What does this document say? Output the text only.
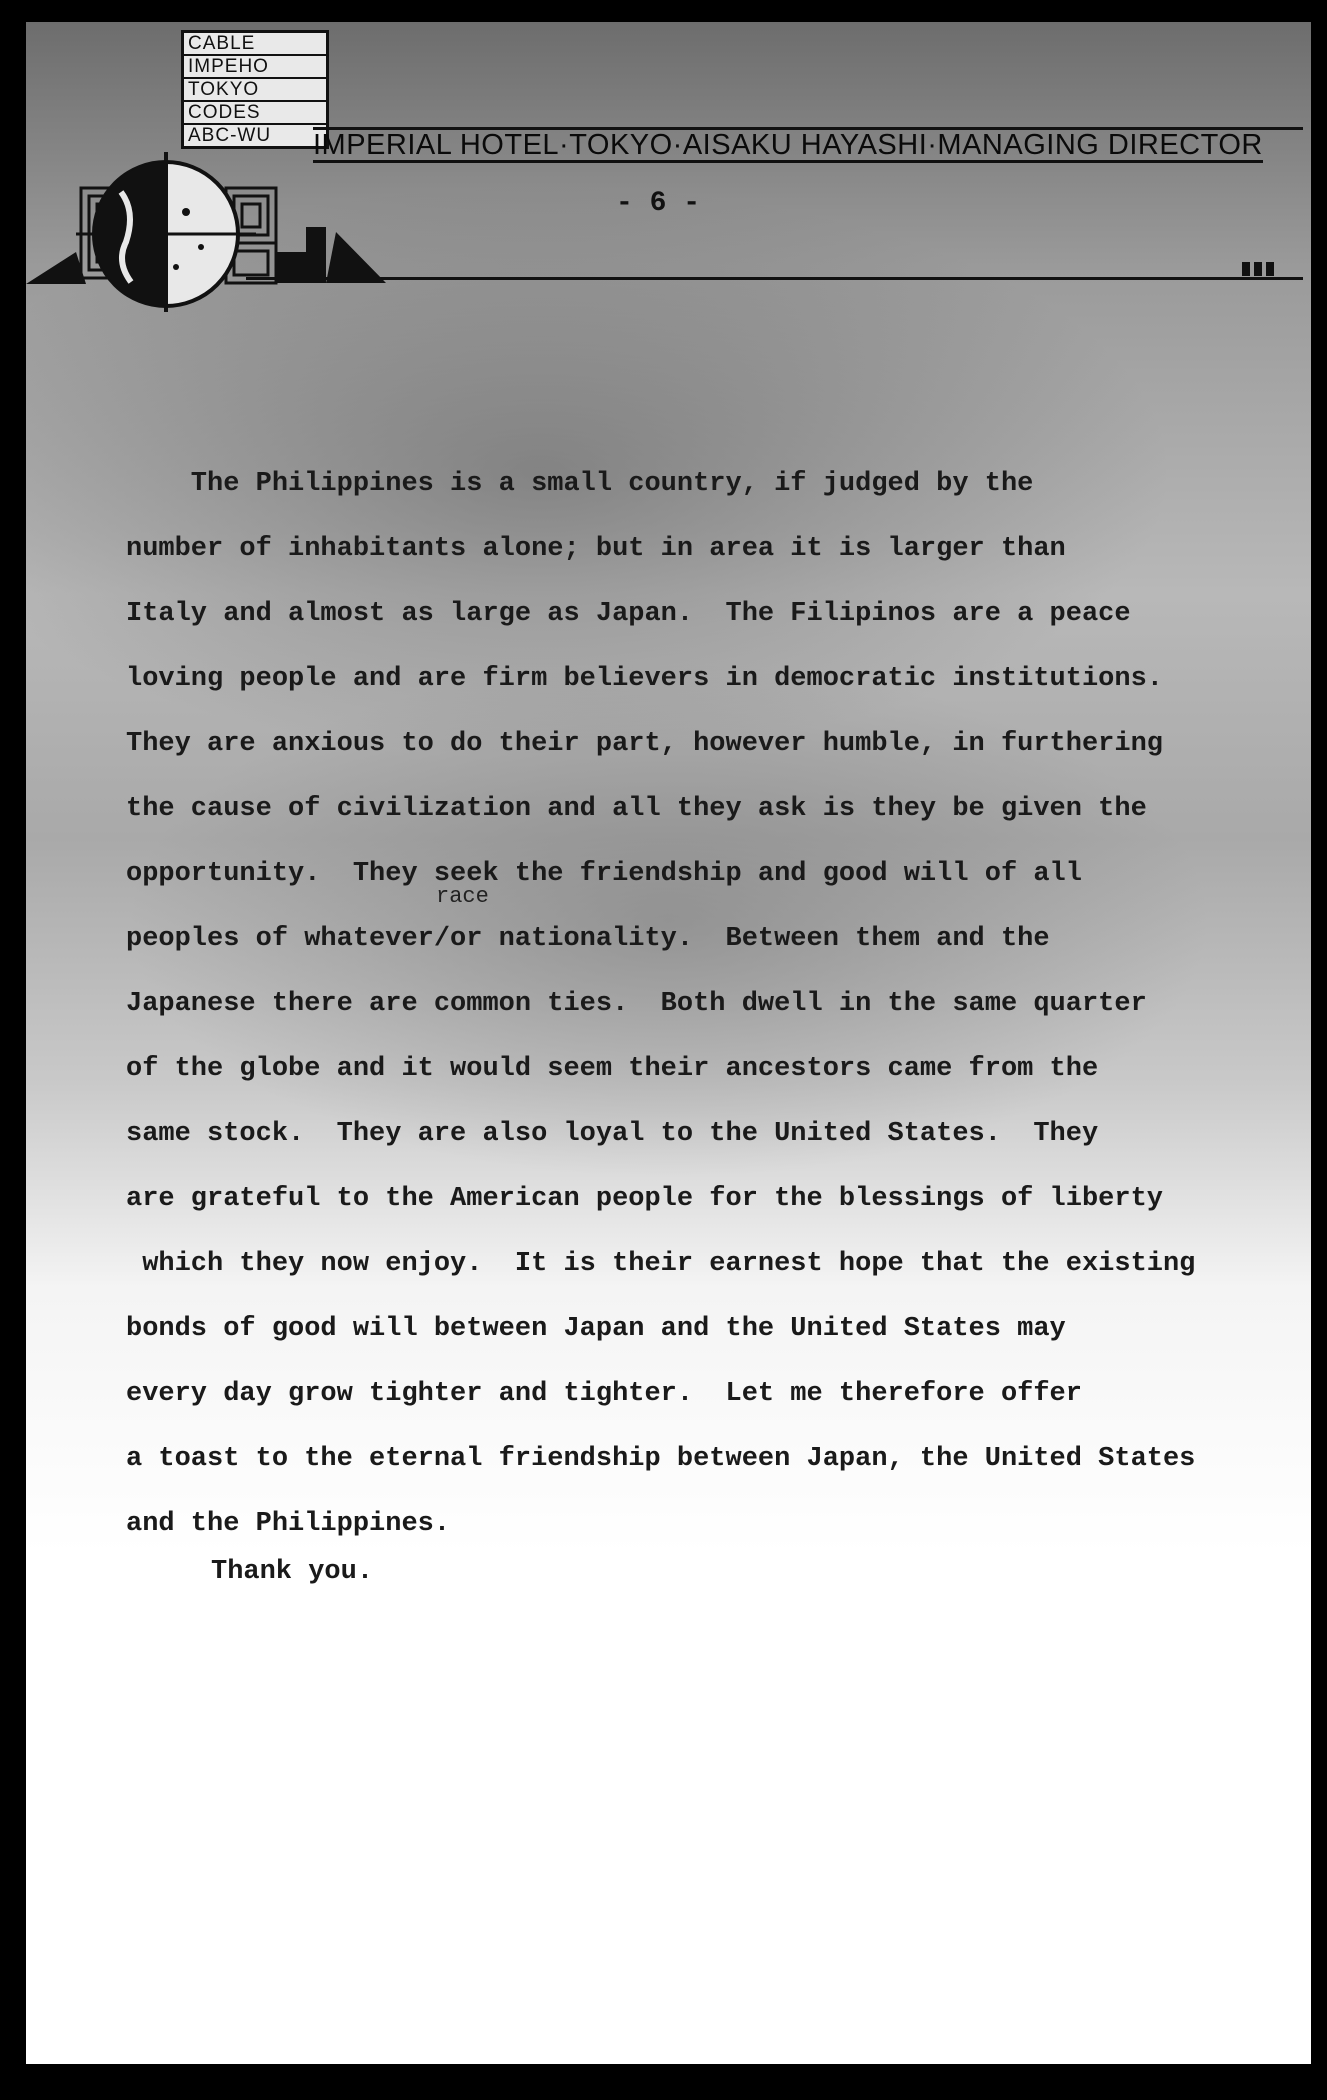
CABLE
IMPEHO
TOKYO
CODES
ABC-WU	IMPERIAL HOTEL·TOKYO·AISAKU HAYASHI·MANAGING DIRECTOR
- 6 -
race
The Philippines is a small country, if judged by the
number of inhabitants alone; but in area it is larger than
Italy and almost as large as Japan.  The Filipinos are a peace
loving people and are firm believers in democratic institutions.
They are anxious to do their part, however humble, in furthering
the cause of civilization and all they ask is they be given the
opportunity.  They seek the friendship and good will of all
peoples of whatever/or nationality.  Between them and the
Japanese there are common ties.  Both dwell in the same quarter
of the globe and it would seem their ancestors came from the
same stock.  They are also loyal to the United States.  They
are grateful to the American people for the blessings of liberty
which they now enjoy.  It is their earnest hope that the existing
bonds of good will between Japan and the United States may
every day grow tighter and tighter.  Let me therefore offer
a toast to the eternal friendship between Japan, the United States
and the Philippines.
Thank you.
